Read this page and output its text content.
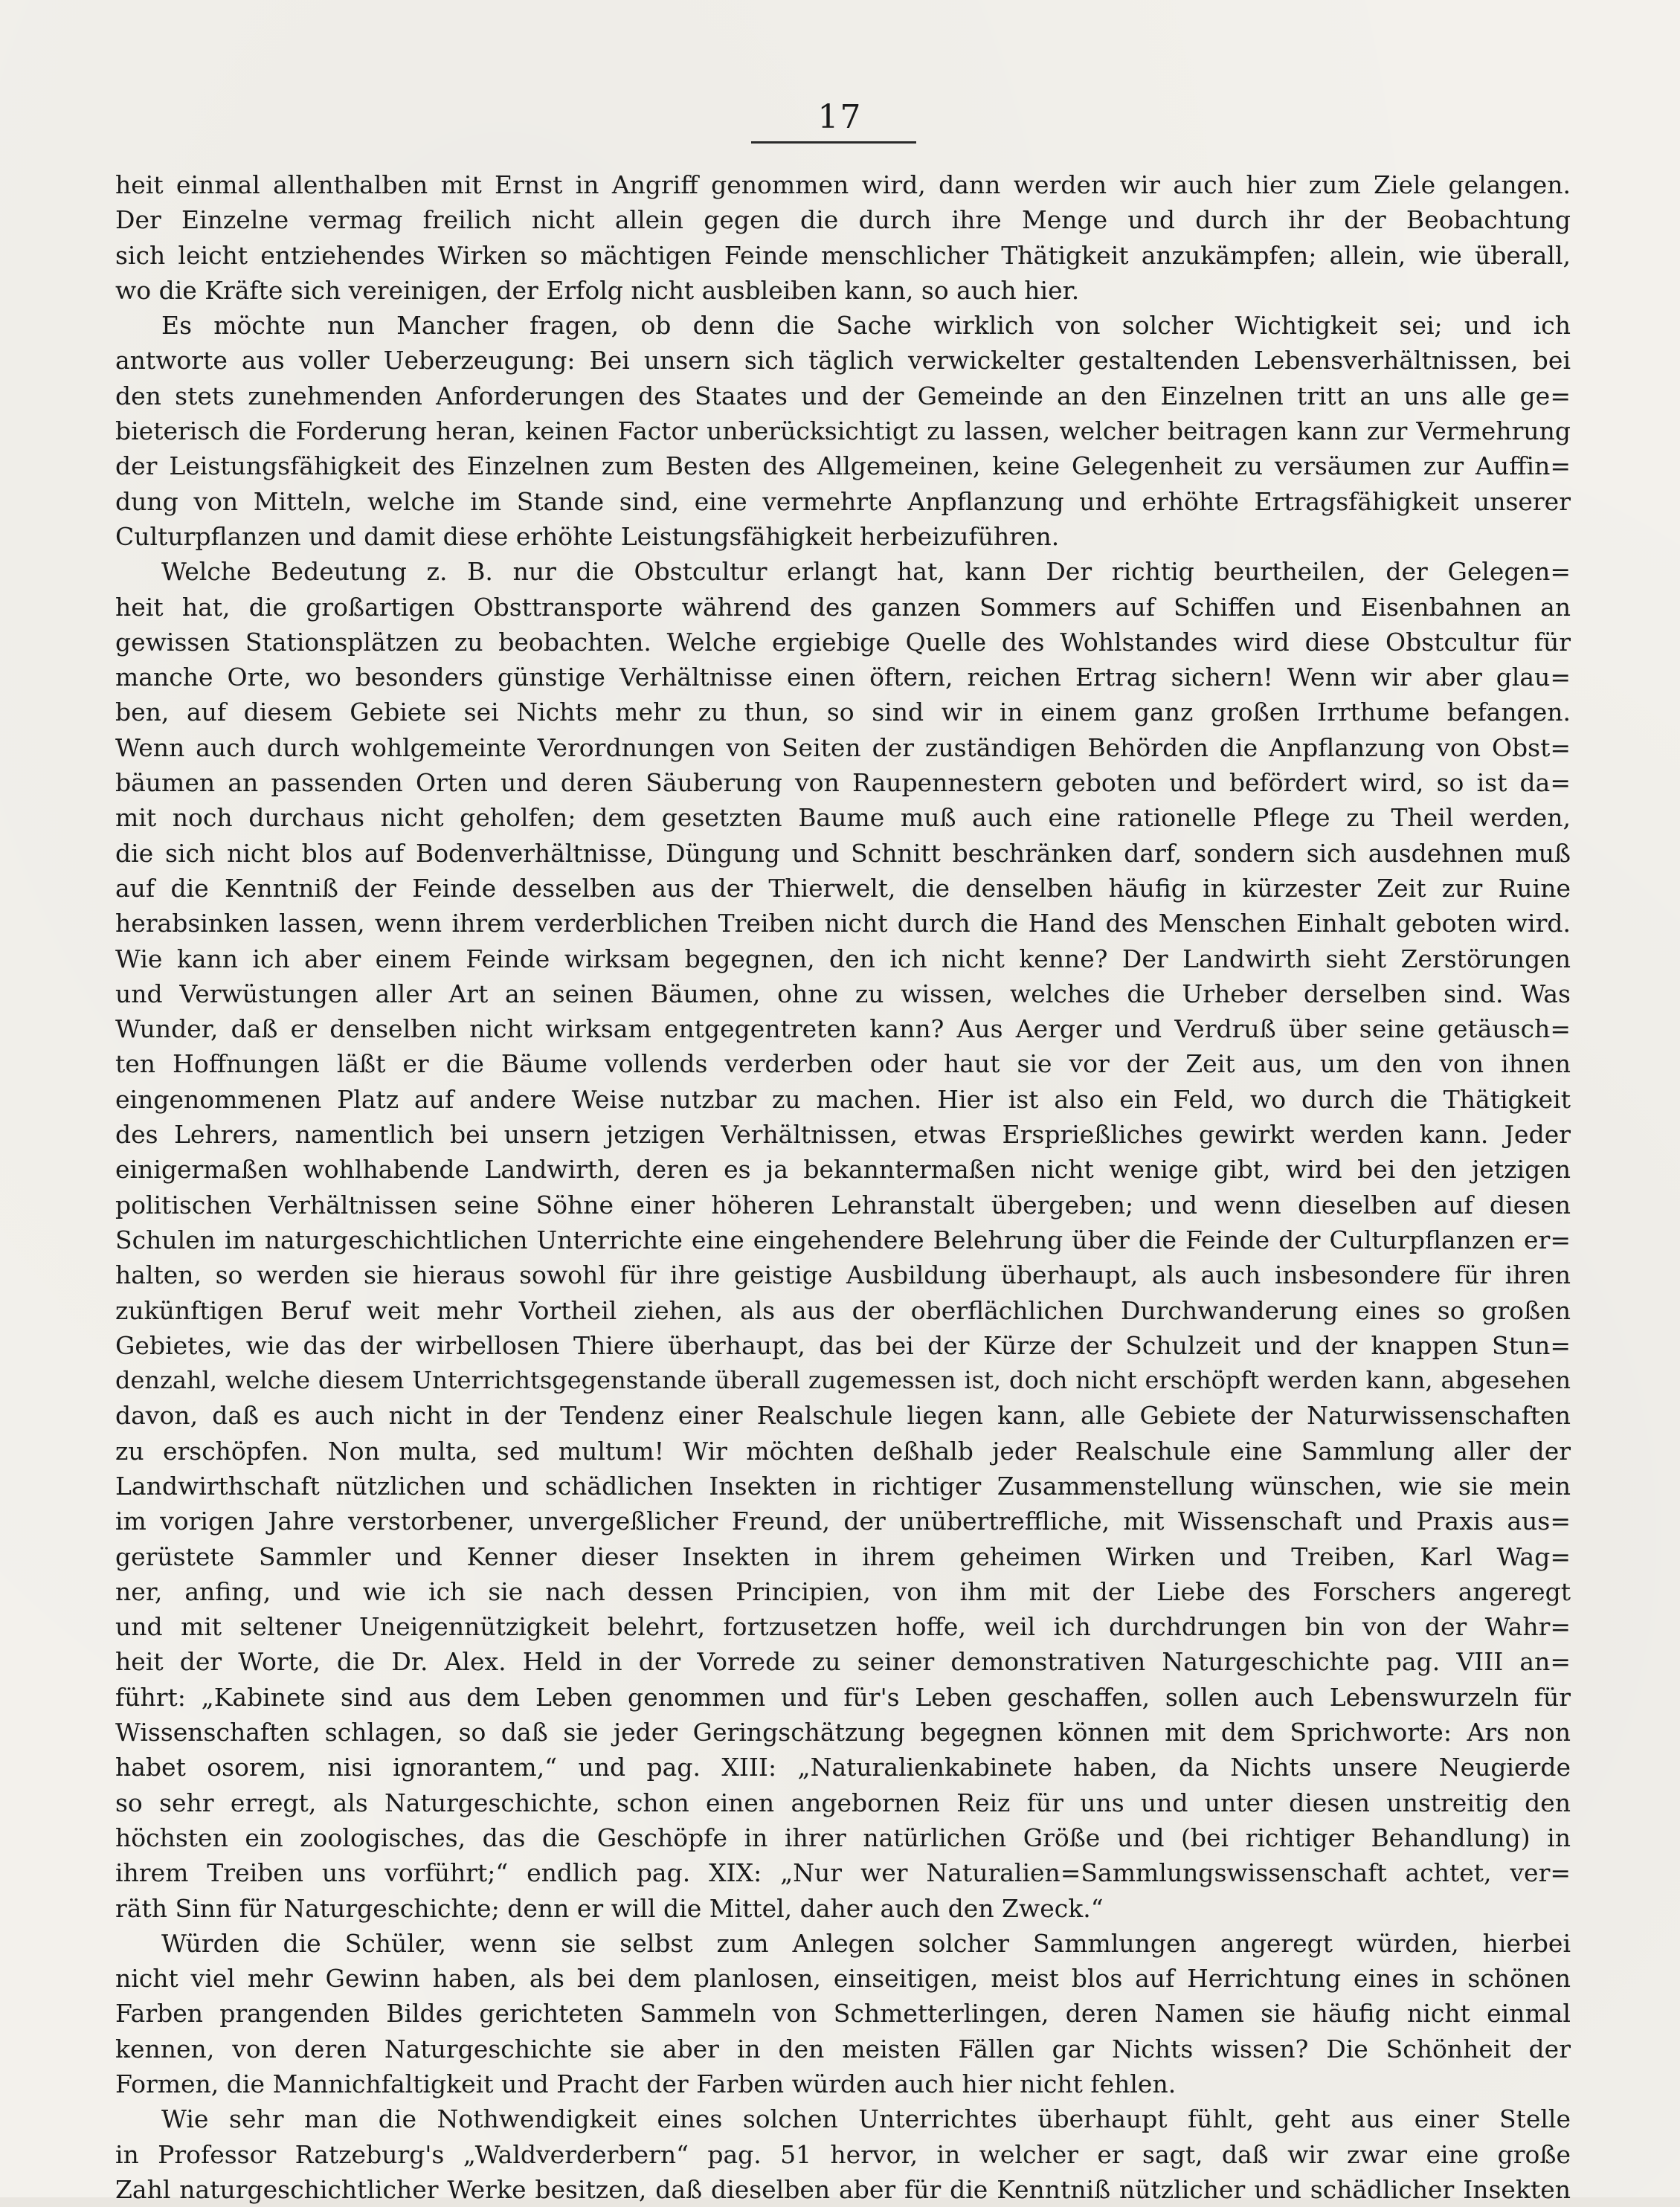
17
heit einmal allenthalben mit Ernst in Angriff genommen wird, dann werden wir auch hier zum Ziele gelangen.
Der Einzelne vermag freilich nicht allein gegen die durch ihre Menge und durch ihr der Beobachtung
sich leicht entziehendes Wirken so mächtigen Feinde menschlicher Thätigkeit anzukämpfen; allein, wie überall,
wo die Kräfte sich vereinigen, der Erfolg nicht ausbleiben kann, so auch hier.
Es möchte nun Mancher fragen, ob denn die Sache wirklich von solcher Wichtigkeit sei; und ich
antworte aus voller Ueberzeugung: Bei unsern sich täglich verwickelter gestaltenden Lebensverhältnissen, bei
den stets zunehmenden Anforderungen des Staates und der Gemeinde an den Einzelnen tritt an uns alle ge=
bieterisch die Forderung heran, keinen Factor unberücksichtigt zu lassen, welcher beitragen kann zur Vermehrung
der Leistungsfähigkeit des Einzelnen zum Besten des Allgemeinen, keine Gelegenheit zu versäumen zur Auffin=
dung von Mitteln, welche im Stande sind, eine vermehrte Anpflanzung und erhöhte Ertragsfähigkeit unserer
Culturpflanzen und damit diese erhöhte Leistungsfähigkeit herbeizuführen.
Welche Bedeutung z. B. nur die Obstcultur erlangt hat, kann Der richtig beurtheilen, der Gelegen=
heit hat, die großartigen Obsttransporte während des ganzen Sommers auf Schiffen und Eisenbahnen an
gewissen Stationsplätzen zu beobachten. Welche ergiebige Quelle des Wohlstandes wird diese Obstcultur für
manche Orte, wo besonders günstige Verhältnisse einen öftern, reichen Ertrag sichern! Wenn wir aber glau=
ben, auf diesem Gebiete sei Nichts mehr zu thun, so sind wir in einem ganz großen Irrthume befangen.
Wenn auch durch wohlgemeinte Verordnungen von Seiten der zuständigen Behörden die Anpflanzung von Obst=
bäumen an passenden Orten und deren Säuberung von Raupennestern geboten und befördert wird, so ist da=
mit noch durchaus nicht geholfen; dem gesetzten Baume muß auch eine rationelle Pflege zu Theil werden,
die sich nicht blos auf Bodenverhältnisse, Düngung und Schnitt beschränken darf, sondern sich ausdehnen muß
auf die Kenntniß der Feinde desselben aus der Thierwelt, die denselben häufig in kürzester Zeit zur Ruine
herabsinken lassen, wenn ihrem verderblichen Treiben nicht durch die Hand des Menschen Einhalt geboten wird.
Wie kann ich aber einem Feinde wirksam begegnen, den ich nicht kenne? Der Landwirth sieht Zerstörungen
und Verwüstungen aller Art an seinen Bäumen, ohne zu wissen, welches die Urheber derselben sind. Was
Wunder, daß er denselben nicht wirksam entgegentreten kann? Aus Aerger und Verdruß über seine getäusch=
ten Hoffnungen läßt er die Bäume vollends verderben oder haut sie vor der Zeit aus, um den von ihnen
eingenommenen Platz auf andere Weise nutzbar zu machen. Hier ist also ein Feld, wo durch die Thätigkeit
des Lehrers, namentlich bei unsern jetzigen Verhältnissen, etwas Ersprießliches gewirkt werden kann. Jeder
einigermaßen wohlhabende Landwirth, deren es ja bekanntermaßen nicht wenige gibt, wird bei den jetzigen
politischen Verhältnissen seine Söhne einer höheren Lehranstalt übergeben; und wenn dieselben auf diesen
Schulen im naturgeschichtlichen Unterrichte eine eingehendere Belehrung über die Feinde der Culturpflanzen er=
halten, so werden sie hieraus sowohl für ihre geistige Ausbildung überhaupt, als auch insbesondere für ihren
zukünftigen Beruf weit mehr Vortheil ziehen, als aus der oberflächlichen Durchwanderung eines so großen
Gebietes, wie das der wirbellosen Thiere überhaupt, das bei der Kürze der Schulzeit und der knappen Stun=
denzahl, welche diesem Unterrichtsgegenstande überall zugemessen ist, doch nicht erschöpft werden kann, abgesehen
davon, daß es auch nicht in der Tendenz einer Realschule liegen kann, alle Gebiete der Naturwissenschaften
zu erschöpfen. Non multa, sed multum! Wir möchten deßhalb jeder Realschule eine Sammlung aller der
Landwirthschaft nützlichen und schädlichen Insekten in richtiger Zusammenstellung wünschen, wie sie mein
im vorigen Jahre verstorbener, unvergeßlicher Freund, der unübertreffliche, mit Wissenschaft und Praxis aus=
gerüstete Sammler und Kenner dieser Insekten in ihrem geheimen Wirken und Treiben, Karl Wag=
ner, anfing, und wie ich sie nach dessen Principien, von ihm mit der Liebe des Forschers angeregt
und mit seltener Uneigennützigkeit belehrt, fortzusetzen hoffe, weil ich durchdrungen bin von der Wahr=
heit der Worte, die Dr. Alex. Held in der Vorrede zu seiner demonstrativen Naturgeschichte pag. VIII an=
führt: „Kabinete sind aus dem Leben genommen und für's Leben geschaffen, sollen auch Lebenswurzeln für
Wissenschaften schlagen, so daß sie jeder Geringschätzung begegnen können mit dem Sprichworte: Ars non
habet osorem, nisi ignorantem,“ und pag. XIII: „Naturalienkabinete haben, da Nichts unsere Neugierde
so sehr erregt, als Naturgeschichte, schon einen angebornen Reiz für uns und unter diesen unstreitig den
höchsten ein zoologisches, das die Geschöpfe in ihrer natürlichen Größe und (bei richtiger Behandlung) in
ihrem Treiben uns vorführt;“ endlich pag. XIX: „Nur wer Naturalien=Sammlungswissenschaft achtet, ver=
räth Sinn für Naturgeschichte; denn er will die Mittel, daher auch den Zweck.“
Würden die Schüler, wenn sie selbst zum Anlegen solcher Sammlungen angeregt würden, hierbei
nicht viel mehr Gewinn haben, als bei dem planlosen, einseitigen, meist blos auf Herrichtung eines in schönen
Farben prangenden Bildes gerichteten Sammeln von Schmetterlingen, deren Namen sie häufig nicht einmal
kennen, von deren Naturgeschichte sie aber in den meisten Fällen gar Nichts wissen? Die Schönheit der
Formen, die Mannichfaltigkeit und Pracht der Farben würden auch hier nicht fehlen.
Wie sehr man die Nothwendigkeit eines solchen Unterrichtes überhaupt fühlt, geht aus einer Stelle
in Professor Ratzeburg's „Waldverderbern“ pag. 51 hervor, in welcher er sagt, daß wir zwar eine große
Zahl naturgeschichtlicher Werke besitzen, daß dieselben aber für die Kenntniß nützlicher und schädlicher Insekten
